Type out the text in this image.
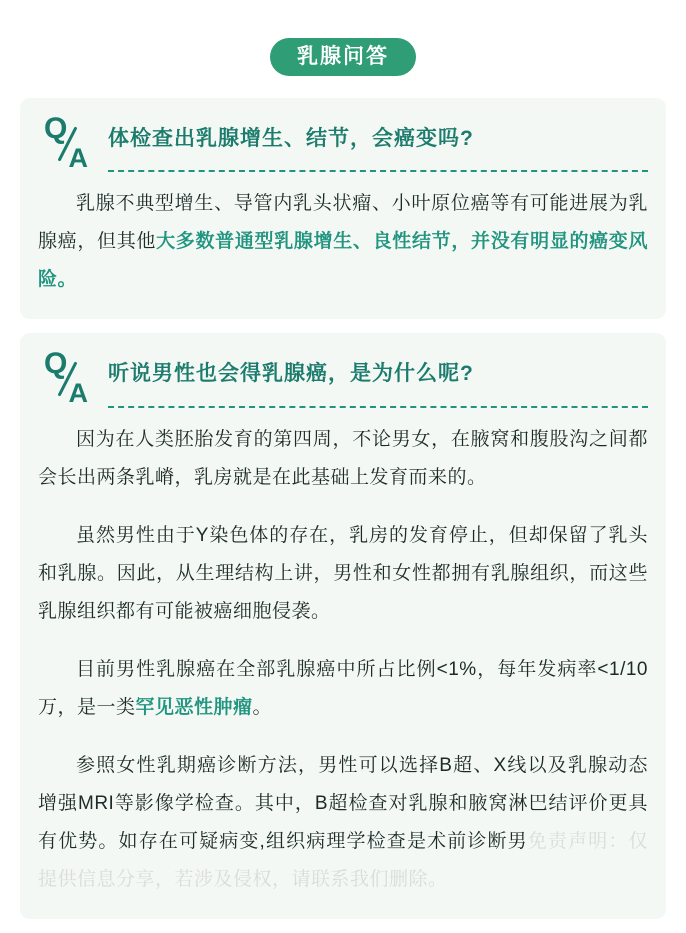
乳腺问答
Q
A
体检查出乳腺增生、结节，会癌变吗?

乳腺不典型增生、导管内乳头状瘤、小叶原位癌等有可能进展为乳腺癌，但其他大多数普通型乳腺增生、良性结节，并没有明显的癌变风险。

Q
A
听说男性也会得乳腺癌，是为什么呢?

因为在人类胚胎发育的第四周，不论男女，在腋窝和腹股沟之间都会长出两条乳嵴，乳房就是在此基础上发育而来的。

虽然男性由于Y染色体的存在，乳房的发育停止，但却保留了乳头和乳腺。因此，从生理结构上讲，男性和女性都拥有乳腺组织，而这些乳腺组织都有可能被癌细胞侵袭。

目前男性乳腺癌在全部乳腺癌中所占比例<1%，每年发病率<1/10万，是一类罕见恶性肿瘤。

参照女性乳期癌诊断方法，男性可以选择B超、X线以及乳腺动态增强MRI等影像学检查。其中，B超检查对乳腺和腋窝淋巴结评价更具有优势。如存在可疑病变,组织病理学检查是术前诊断男免责声明：仅提供信息分享，若涉及侵权，请联系我们删除。
